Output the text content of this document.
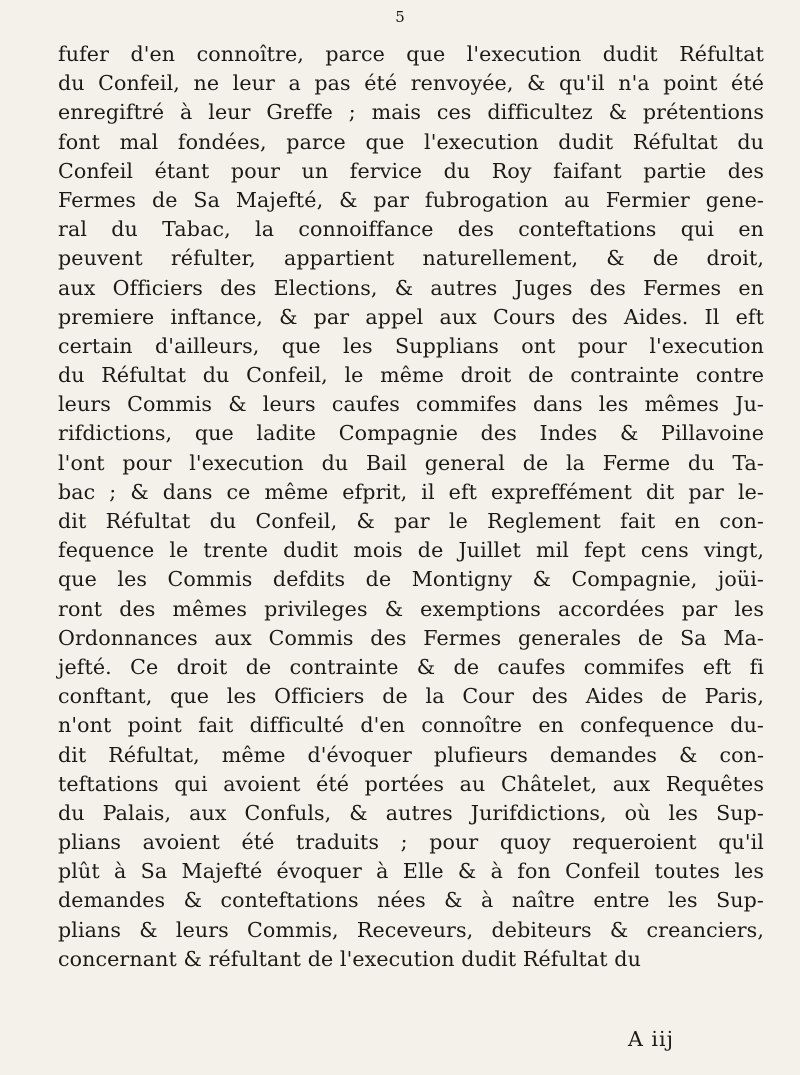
5
fufer d'en connoître, parce que l'execution dudit Réfultat
du Confeil, ne leur a pas été renvoyée, & qu'il n'a point été
enregiftré à leur Greffe ; mais ces difficultez & prétentions
font mal fondées, parce que l'execution dudit Réfultat du
Confeil étant pour un fervice du Roy faifant partie des
Fermes de Sa Majefté, & par fubrogation au Fermier gene-
ral du Tabac, la connoiffance des conteftations qui en
peuvent réfulter, appartient naturellement, & de droit,
aux Officiers des Elections, & autres Juges des Fermes en
premiere inftance, & par appel aux Cours des Aides. Il eft
certain d'ailleurs, que les Supplians ont pour l'execution
du Réfultat du Confeil, le même droit de contrainte contre
leurs Commis & leurs caufes commifes dans les mêmes Ju-
rifdictions, que ladite Compagnie des Indes & Pillavoine
l'ont pour l'execution du Bail general de la Ferme du Ta-
bac ; & dans ce même efprit, il eft expreffément dit par le-
dit Réfultat du Confeil, & par le Reglement fait en con-
fequence le trente dudit mois de Juillet mil fept cens vingt,
que les Commis defdits de Montigny & Compagnie, joüi-
ront des mêmes privileges & exemptions accordées par les
Ordonnances aux Commis des Fermes generales de Sa Ma-
jefté. Ce droit de contrainte & de caufes commifes eft fi
conftant, que les Officiers de la Cour des Aides de Paris,
n'ont point fait difficulté d'en connoître en confequence du-
dit Réfultat, même d'évoquer plufieurs demandes & con-
teftations qui avoient été portées au Châtelet, aux Requêtes
du Palais, aux Confuls, & autres Jurifdictions, où les Sup-
plians avoient été traduits ; pour quoy requeroient qu'il
plût à Sa Majefté évoquer à Elle & à fon Confeil toutes les
demandes & conteftations nées & à naître entre les Sup-
plians & leurs Commis, Receveurs, debiteurs & creanciers,
concernant & réfultant de l'execution dudit Réfultat du
A iij
